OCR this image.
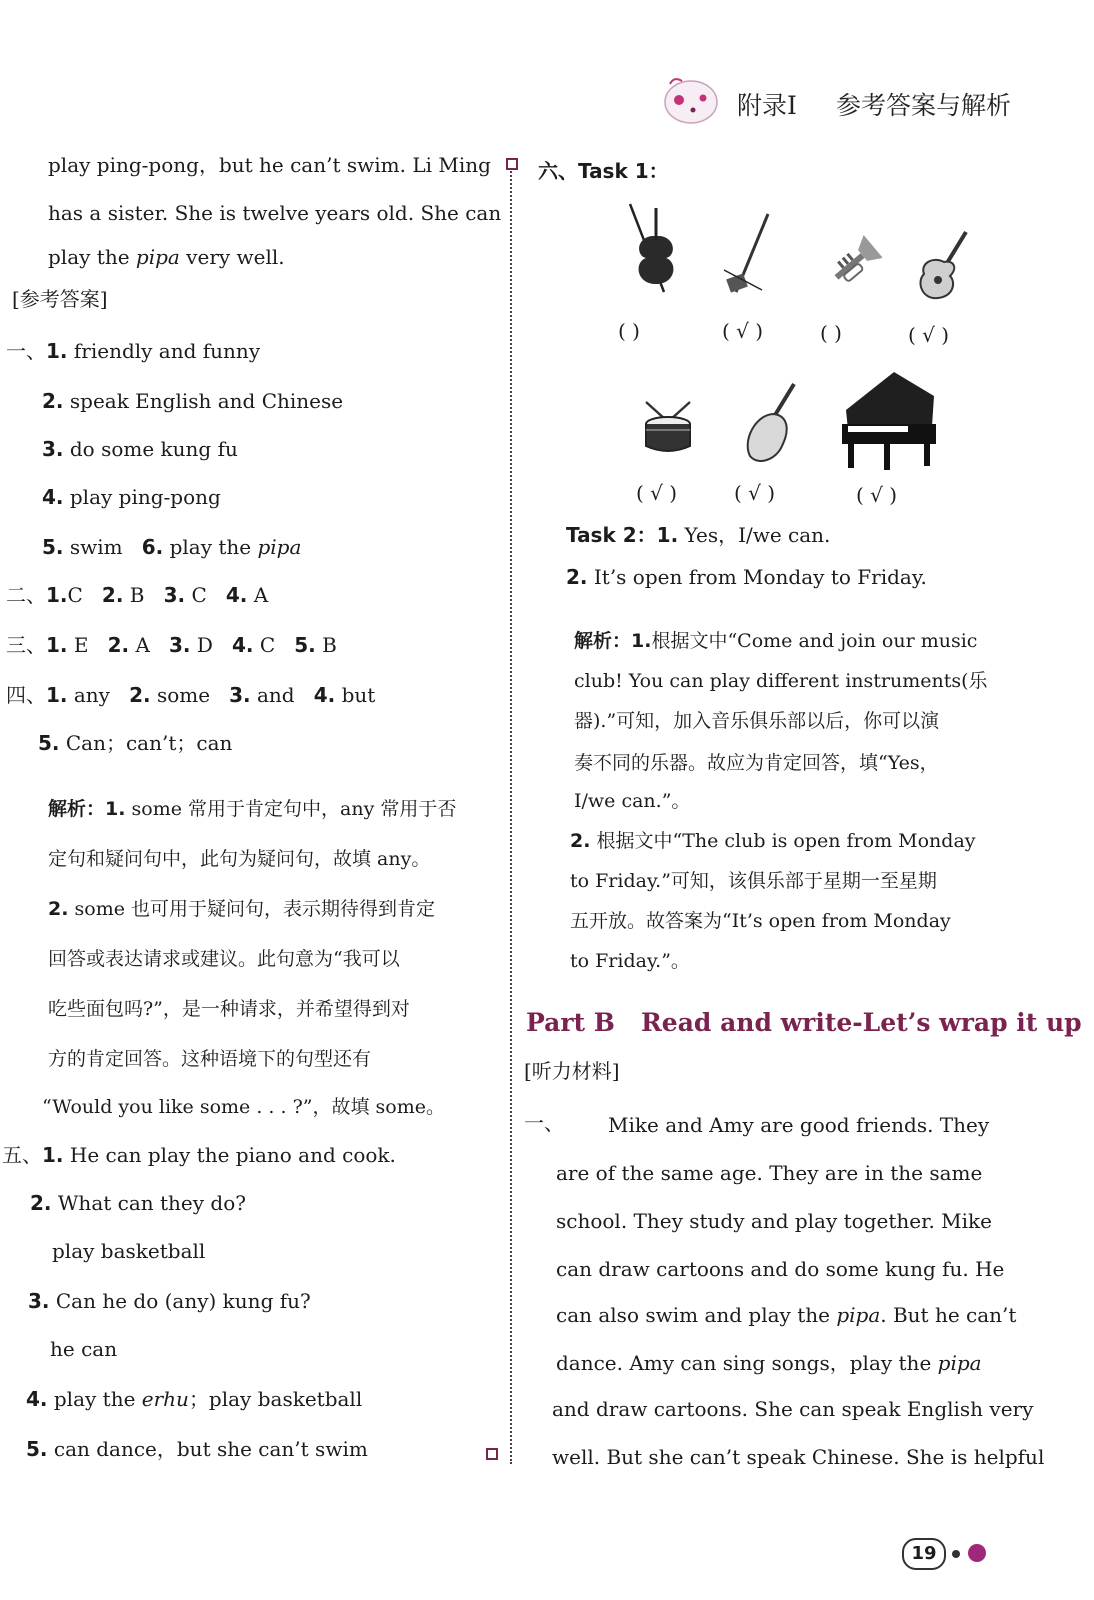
附录Ⅰ 参考答案与解析
play ping-pong，but he can’t swim. Li Ming
has a sister. She is twelve years old. She can
play the pipa very well.
[参考答案]
一、1. friendly and funny
2. speak English and Chinese
3. do some kung fu
4. play ping-pong
5. swim 6. play the pipa
二、1.C 2. B 3. C 4. A
三、1. E 2. A 3. D 4. C 5. B
四、1. any 2. some 3. and 4. but
5. Can；can’t；can
解析：1. some 常用于肯定句中，any 常用于否
定句和疑问句中，此句为疑问句，故填 any。
2. some 也可用于疑问句，表示期待得到肯定
回答或表达请求或建议。此句意为“我可以
吃些面包吗?”，是一种请求，并希望得到对
方的肯定回答。这种语境下的句型还有
“Would you like some . . . ?”，故填 some。
五、1. He can play the piano and cook.
2. What can they do?
play basketball
3. Can he do (any) kung fu?
he can
4. play the erhu；play basketball
5. can dance，but she can’t swim
六、Task 1：
( )	( √ )	( )	( √ )
( √ )	( √ )	( √ )
Task 2：1. Yes，I/we can.
2. It’s open from Monday to Friday.
解析：1.根据文中“Come and join our music
club! You can play different instruments(乐
器).”可知，加入音乐俱乐部以后，你可以演
奏不同的乐器。故应为肯定回答，填“Yes，
I/we can.”。
2. 根据文中“The club is open from Monday
to Friday.”可知，该俱乐部于星期一至星期
五开放。故答案为“It’s open from Monday
to Friday.”。
Part B Read and write-Let’s wrap it up
[听力材料]
一、 Mike and Amy are good friends. They
are of the same age. They are in the same
school. They study and play together. Mike
can draw cartoons and do some kung fu. He
can also swim and play the pipa. But he can’t
dance. Amy can sing songs，play the pipa
and draw cartoons. She can speak English very
well. But she can’t speak Chinese. She is helpful
19
